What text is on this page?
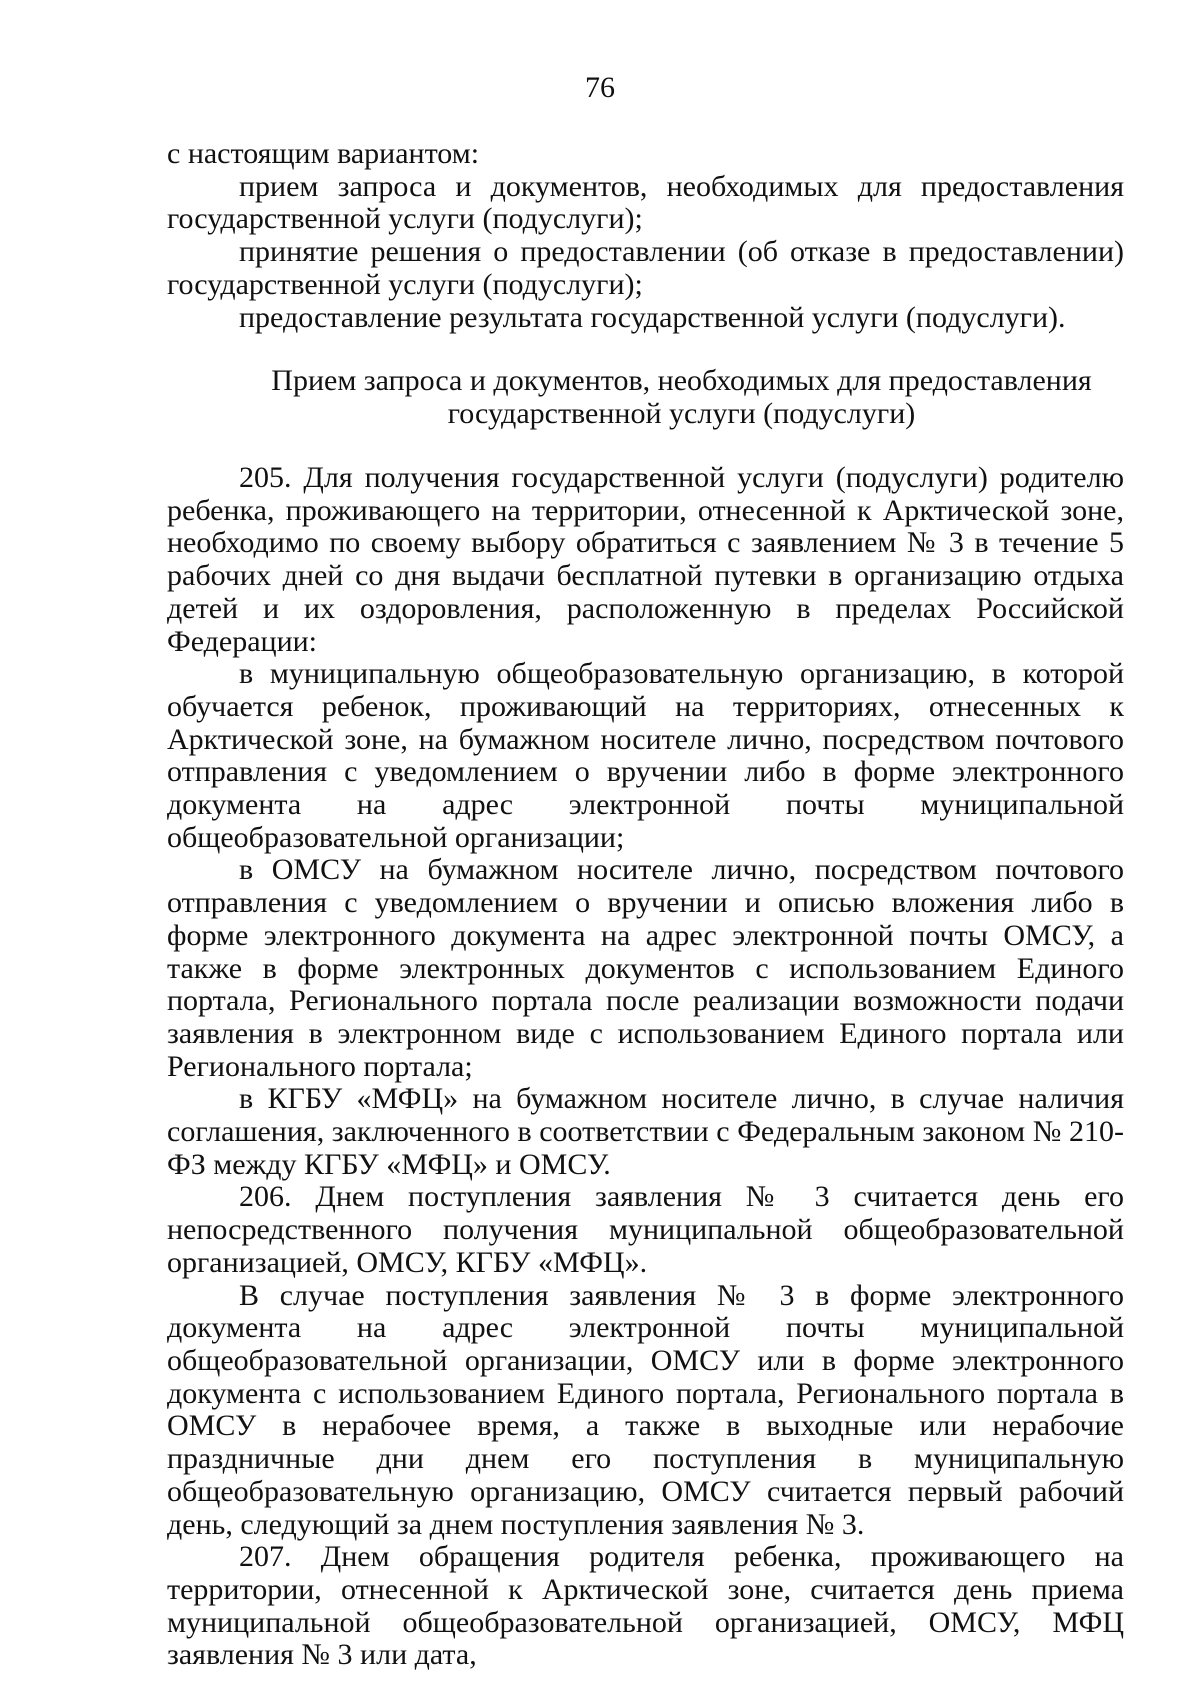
76

с настоящим вариантом:

прием запроса и документов, необходимых для предоставления государственной услуги (подуслуги);

принятие решения о предоставлении (об отказе в предоставлении) государственной услуги (подуслуги);

предоставление результата государственной услуги (подуслуги).

Прием запроса и документов, необходимых для предоставления государственной услуги (подуслуги)

205. Для получения государственной услуги (подуслуги) родителю ребенка, проживающего на территории, отнесенной к Арктической зоне, необходимо по своему выбору обратиться с заявлением № 3 в течение 5 рабочих дней со дня выдачи бесплатной путевки в организацию отдыха детей и их оздоровления, расположенную в пределах Российской Федерации:

в муниципальную общеобразовательную организацию, в которой обучается ребенок, проживающий на территориях, отнесенных к Арктической зоне, на бумажном носителе лично, посредством почтового отправления с уведомлением о вручении либо в форме электронного документа на адрес электронной почты муниципальной общеобразовательной организации;

в ОМСУ на бумажном носителе лично, посредством почтового отправления с уведомлением о вручении и описью вложения либо в форме электронного документа на адрес электронной почты ОМСУ, а также в форме электронных документов с использованием Единого портала, Регионального портала после реализации возможности подачи заявления в электронном виде с использованием Единого портала или Регионального портала;

в КГБУ «МФЦ» на бумажном носителе лично, в случае наличия соглашения, заключенного в соответствии с Федеральным законом № 210-ФЗ между КГБУ «МФЦ» и ОМСУ.

206. Днем поступления заявления № 3 считается день его непосредственного получения муниципальной общеобразовательной организацией, ОМСУ, КГБУ «МФЦ».

В случае поступления заявления № 3 в форме электронного документа на адрес электронной почты муниципальной общеобразовательной организации, ОМСУ или в форме электронного документа с использованием Единого портала, Регионального портала в ОМСУ в нерабочее время, а также в выходные или нерабочие праздничные дни днем его поступления в муниципальную общеобразовательную организацию, ОМСУ считается первый рабочий день, следующий за днем поступления заявления № 3.

207. Днем обращения родителя ребенка, проживающего на территории, отнесенной к Арктической зоне, считается день приема муниципальной общеобразовательной организацией, ОМСУ, МФЦ заявления № 3 или дата,
